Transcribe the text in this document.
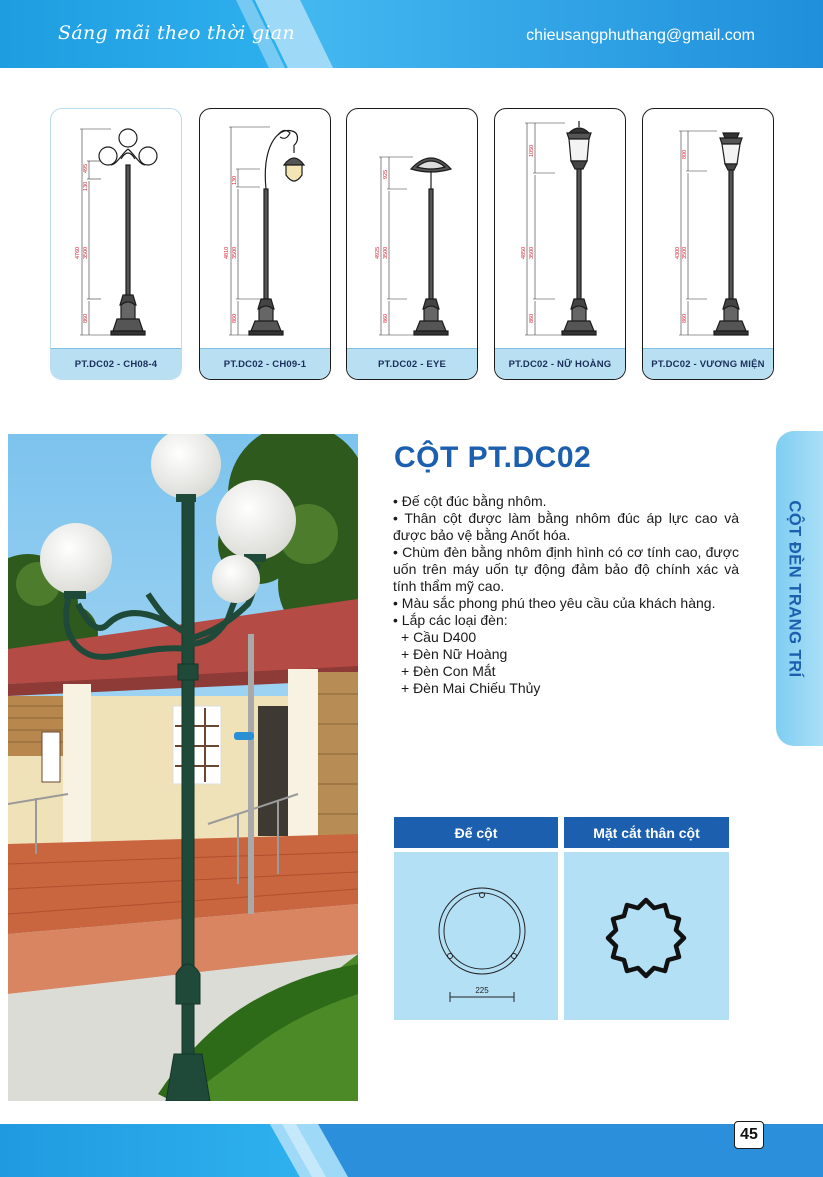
Sáng mãi theo thời gian	chieusangphuthang@gmail.com
4760
495
130
3500
860
PT.DC02 - CH08-4
4810
130
3500
860
PT.DC02 - CH09-1
4925
925
3500
860
PT.DC02 - EYE
4850
1050
3500
860
PT.DC02 - NỮ HOÀNG
4300
800
3500
860
PT.DC02 - VƯƠNG MIỆN
CỘT PT.DC02

• Đế cột đúc bằng nhôm.

• Thân cột được làm bằng nhôm đúc áp lực cao và được bảo vệ bằng Anốt hóa.

• Chùm đèn bằng nhôm định hình có cơ tính cao, được uốn trên máy uốn tự động đảm bảo độ chính xác và tính thẩm mỹ cao.

• Màu sắc phong phú theo yêu cầu của khách hàng.

• Lắp các loại đèn:

+ Cầu D400

+ Đèn Nữ Hoàng

+ Đèn Con Mắt

+ Đèn Mai Chiếu Thủy

CỘT ĐÈN TRANG TRÍ
Đế cột	Mặt cắt thân cột
225
45
